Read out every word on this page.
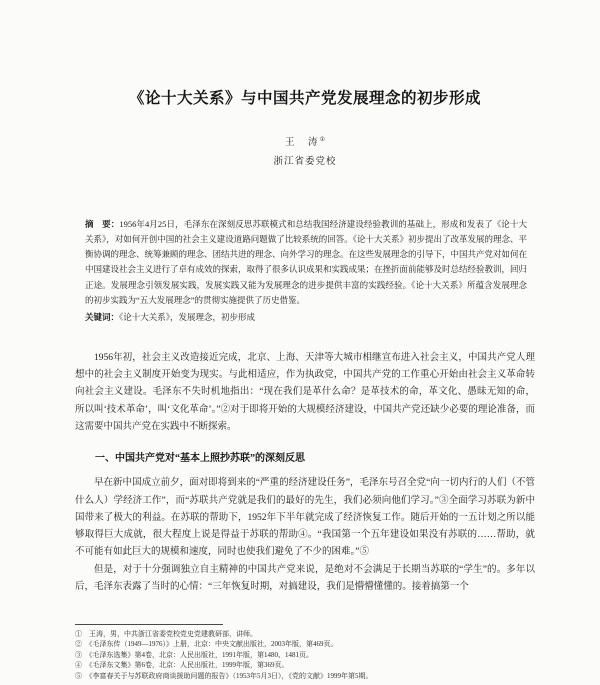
《论十大关系》与中国共产党发展理念的初步形成
王　涛①
浙江省委党校
摘　要：1956年4月25日，毛泽东在深刻反思苏联模式和总结我国经济建设经验教训的基础上，形成和发表了《论十大关系》，对如何开创中国的社会主义建设道路问题做了比较系统的回答。《论十大关系》初步提出了改革发展的理念、平衡协调的理念、统筹兼顾的理念、团结共进的理念、向外学习的理念。在这些发展理念的引导下，中国共产党对如何在中国建设社会主义进行了卓有成效的探索，取得了很多认识成果和实践成果；在挫折面前能够及时总结经验教训，回归正途。发展理念引领发展实践，发展实践又能为发展理念的进步提供丰富的实践经验。《论十大关系》所蕴含发展理念的初步实践为“五大发展理念”的贯彻实施提供了历史借鉴。
关键词：《论十大关系》，发展理念，初步形成

1956年初，社会主义改造接近完成，北京、上海、天津等大城市相继宣布进入社会主义，中国共产党人理想中的社会主义制度开始变为现实。与此相适应，作为执政党，中国共产党的工作重心开始由社会主义革命转向社会主义建设。毛泽东不失时机地指出：“现在我们是革什么命？是革技术的命，革文化、愚昧无知的命，所以叫‘技术革命’，叫‘文化革命’。”②对于即将开始的大规模经济建设，中国共产党还缺少必要的理论准备，而这需要中国共产党在实践中不断探索。

一、中国共产党对“基本上照抄苏联”的深刻反思

早在新中国成立前夕，面对即将到来的“严重的经济建设任务”，毛泽东号召全党“向一切内行的人们（不管什么人）学经济工作”，而“苏联共产党就是我们的最好的先生，我们必须向他们学习。”③全面学习苏联为新中国带来了极大的利益。在苏联的帮助下，1952年下半年就完成了经济恢复工作。随后开始的一五计划之所以能够取得巨大成就，很大程度上说是得益于苏联的帮助④。“我国第一个五年建设如果没有苏联的……帮助，就不可能有如此巨大的规模和速度，同时也使我们避免了不少的困难。”⑤

但是，对于十分强调独立自主精神的中国共产党来说，是绝对不会满足于长期当苏联的“学生”的。多年以后，毛泽东表露了当时的心情：“三年恢复时期，对搞建设，我们是懵懵懂懂的。接着搞第一个

①　王涛，男，中共浙江省委党校党史党建教研部，讲师。
②　《毛泽东传（1949—1976）》上册，北京：中央文献出版社，2003年版，第469页。
③　《毛泽东选集》第4卷，北京：人民出版社，1991年版，第1480、1481页。
④　《毛泽东文集》第6卷，北京：人民出版社，1999年版，第369页。
⑤　《李富春关于与苏联政府商谈援助问题的报告》（1953年5月3日），《党的文献》1999年第5期。
